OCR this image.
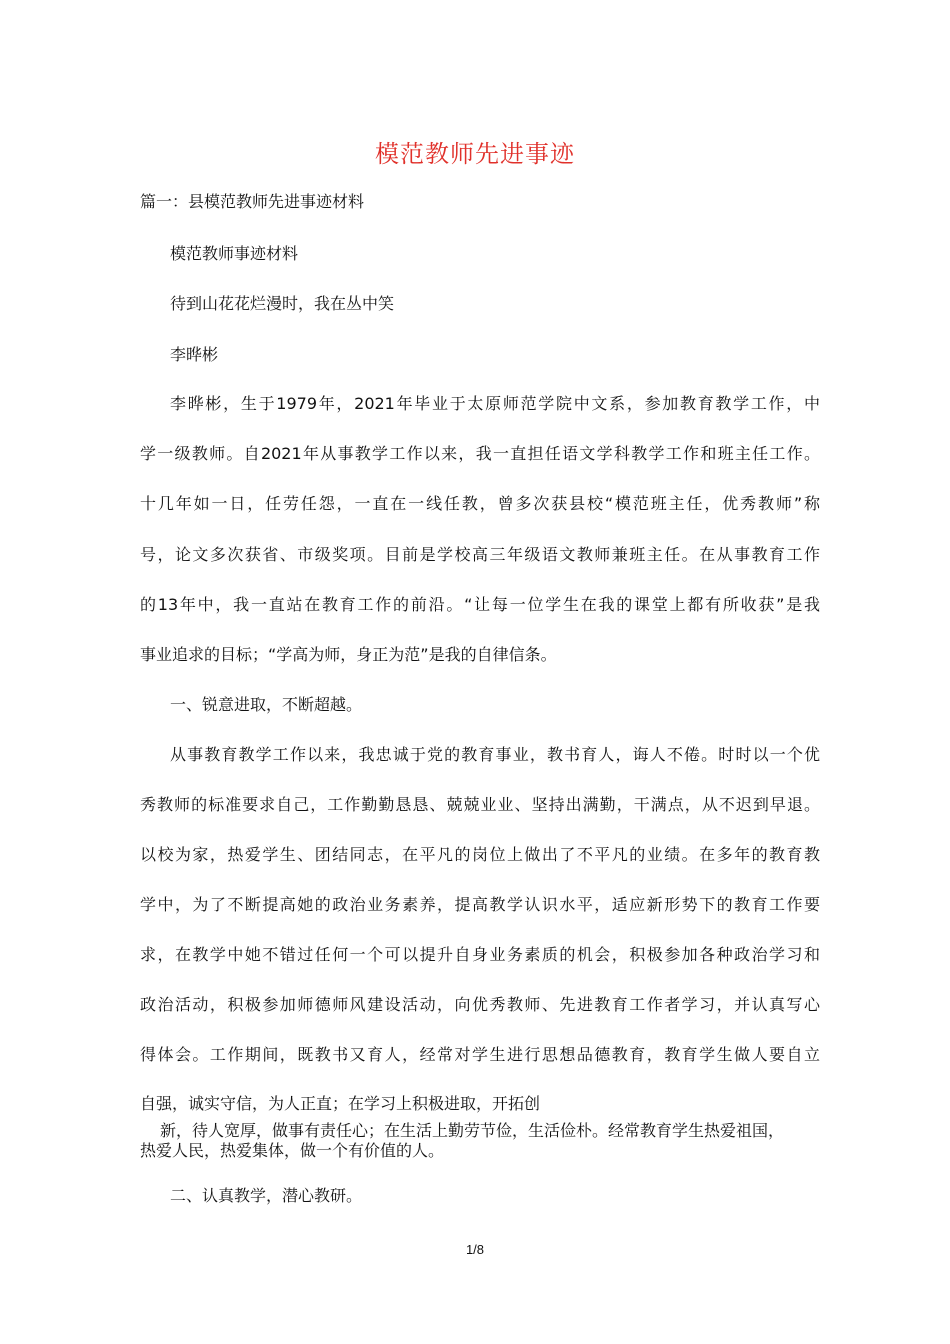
模范教师先进事迹
篇一：县模范教师先进事迹材料
模范教师事迹材料
待到山花花烂漫时，我在丛中笑
李晔彬
李晔彬，生于1979年，2021年毕业于太原师范学院中文系，参加教育教学工作，中
学一级教师。自2021年从事教学工作以来，我一直担任语文学科教学工作和班主任工作。
十几年如一日，任劳任怨，一直在一线任教，曾多次获县校“模范班主任，优秀教师”称
号，论文多次获省、市级奖项。目前是学校高三年级语文教师兼班主任。在从事教育工作
的13年中，我一直站在教育工作的前沿。“让每一位学生在我的课堂上都有所收获”是我
事业追求的目标；“学高为师，身正为范”是我的自律信条。
一、锐意进取，不断超越。
从事教育教学工作以来，我忠诚于党的教育事业，教书育人，诲人不倦。时时以一个优
秀教师的标准要求自己，工作勤勤恳恳、兢兢业业、坚持出满勤，干满点，从不迟到早退。
以校为家，热爱学生、团结同志，在平凡的岗位上做出了不平凡的业绩。在多年的教育教
学中，为了不断提高她的政治业务素养，提高教学认识水平，适应新形势下的教育工作要
求，在教学中她不错过任何一个可以提升自身业务素质的机会，积极参加各种政治学习和
政治活动，积极参加师德师风建设活动，向优秀教师、先进教育工作者学习，并认真写心
得体会。工作期间，既教书又育人，经常对学生进行思想品德教育，教育学生做人要自立
自强，诚实守信，为人正直；在学习上积极进取，开拓创
新，待人宽厚，做事有责任心；在生活上勤劳节俭，生活俭朴。经常教育学生热爱祖国，
热爱人民，热爱集体，做一个有价值的人。
二、认真教学，潜心教研。
1/8
